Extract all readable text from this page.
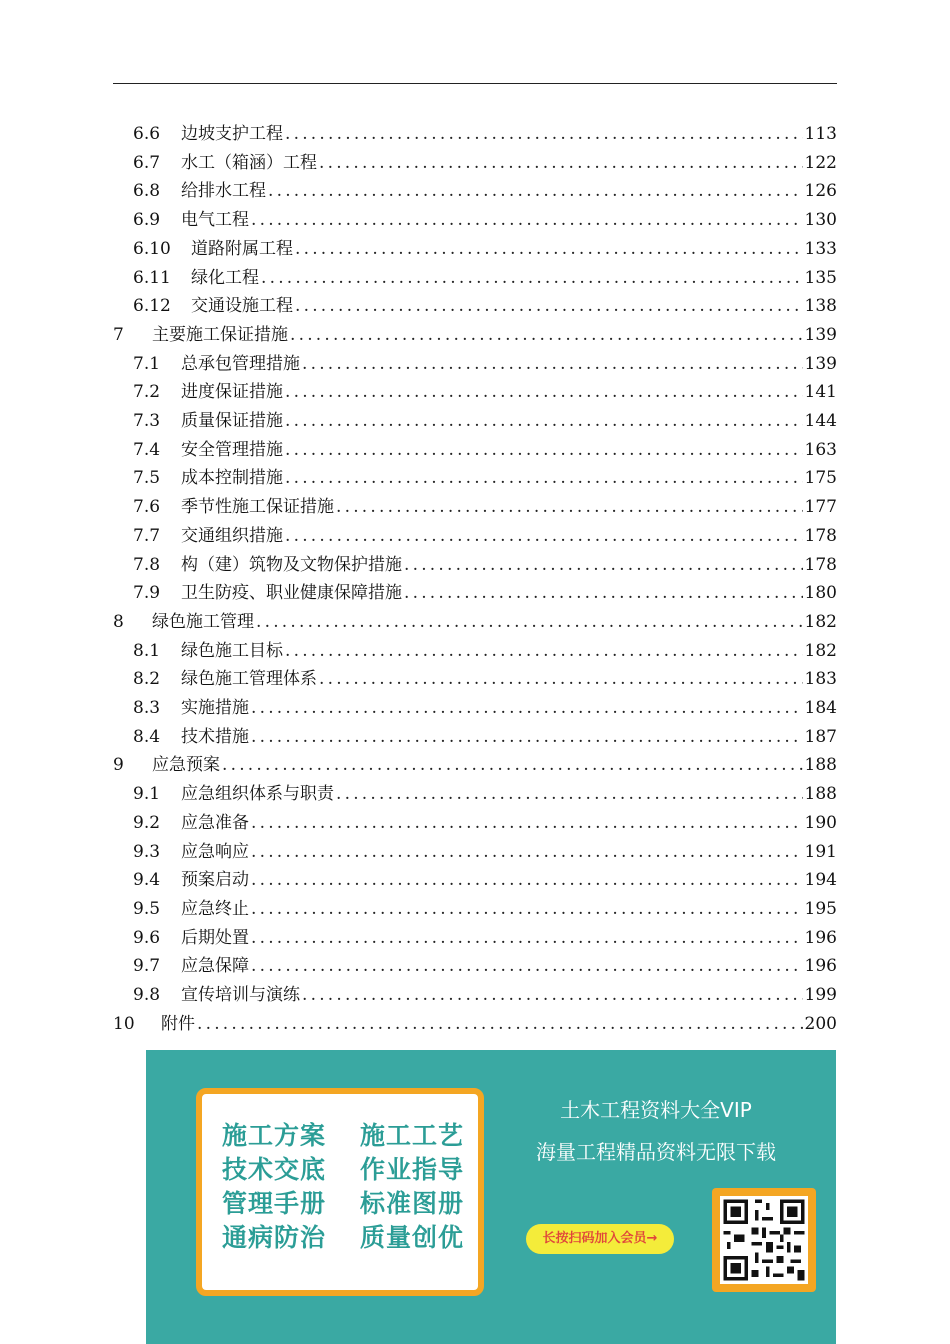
6.6	边坡支护工程 .....	113
6.7	水工（箱涵）工程 .....	122
6.8	给排水工程 .....	126
6.9	电气工程 .....	130
6.10	道路附属工程 .....	133
6.11	绿化工程 .....	135
6.12	交通设施工程 .....	138
7	主要施工保证措施 .....	139
7.1	总承包管理措施 .....	139
7.2	进度保证措施 .....	141
7.3	质量保证措施 .....	144
7.4	安全管理措施 .....	163
7.5	成本控制措施 .....	175
7.6	季节性施工保证措施 .....	177
7.7	交通组织措施 .....	178
7.8	构（建）筑物及文物保护措施 .....	178
7.9	卫生防疫、职业健康保障措施 .....	180
8	绿色施工管理 .....	182
8.1	绿色施工目标 .....	182
8.2	绿色施工管理体系 .....	183
8.3	实施措施 .....	184
8.4	技术措施 .....	187
9	应急预案 .....	188
9.1	应急组织体系与职责 .....	188
9.2	应急准备 .....	190
9.3	应急响应 .....	191
9.4	预案启动 .....	194
9.5	应急终止 .....	195
9.6	后期处置 .....	196
9.7	应急保障 .....	196
9.8	宣传培训与演练 .....	199
10	附件 .....	200
施工方案 施工工艺
技术交底 作业指导
管理手册 标准图册
通病防治 质量创优
土木工程资料大全VIP
海量工程精品资料无限下载
长按扫码加入会员→
